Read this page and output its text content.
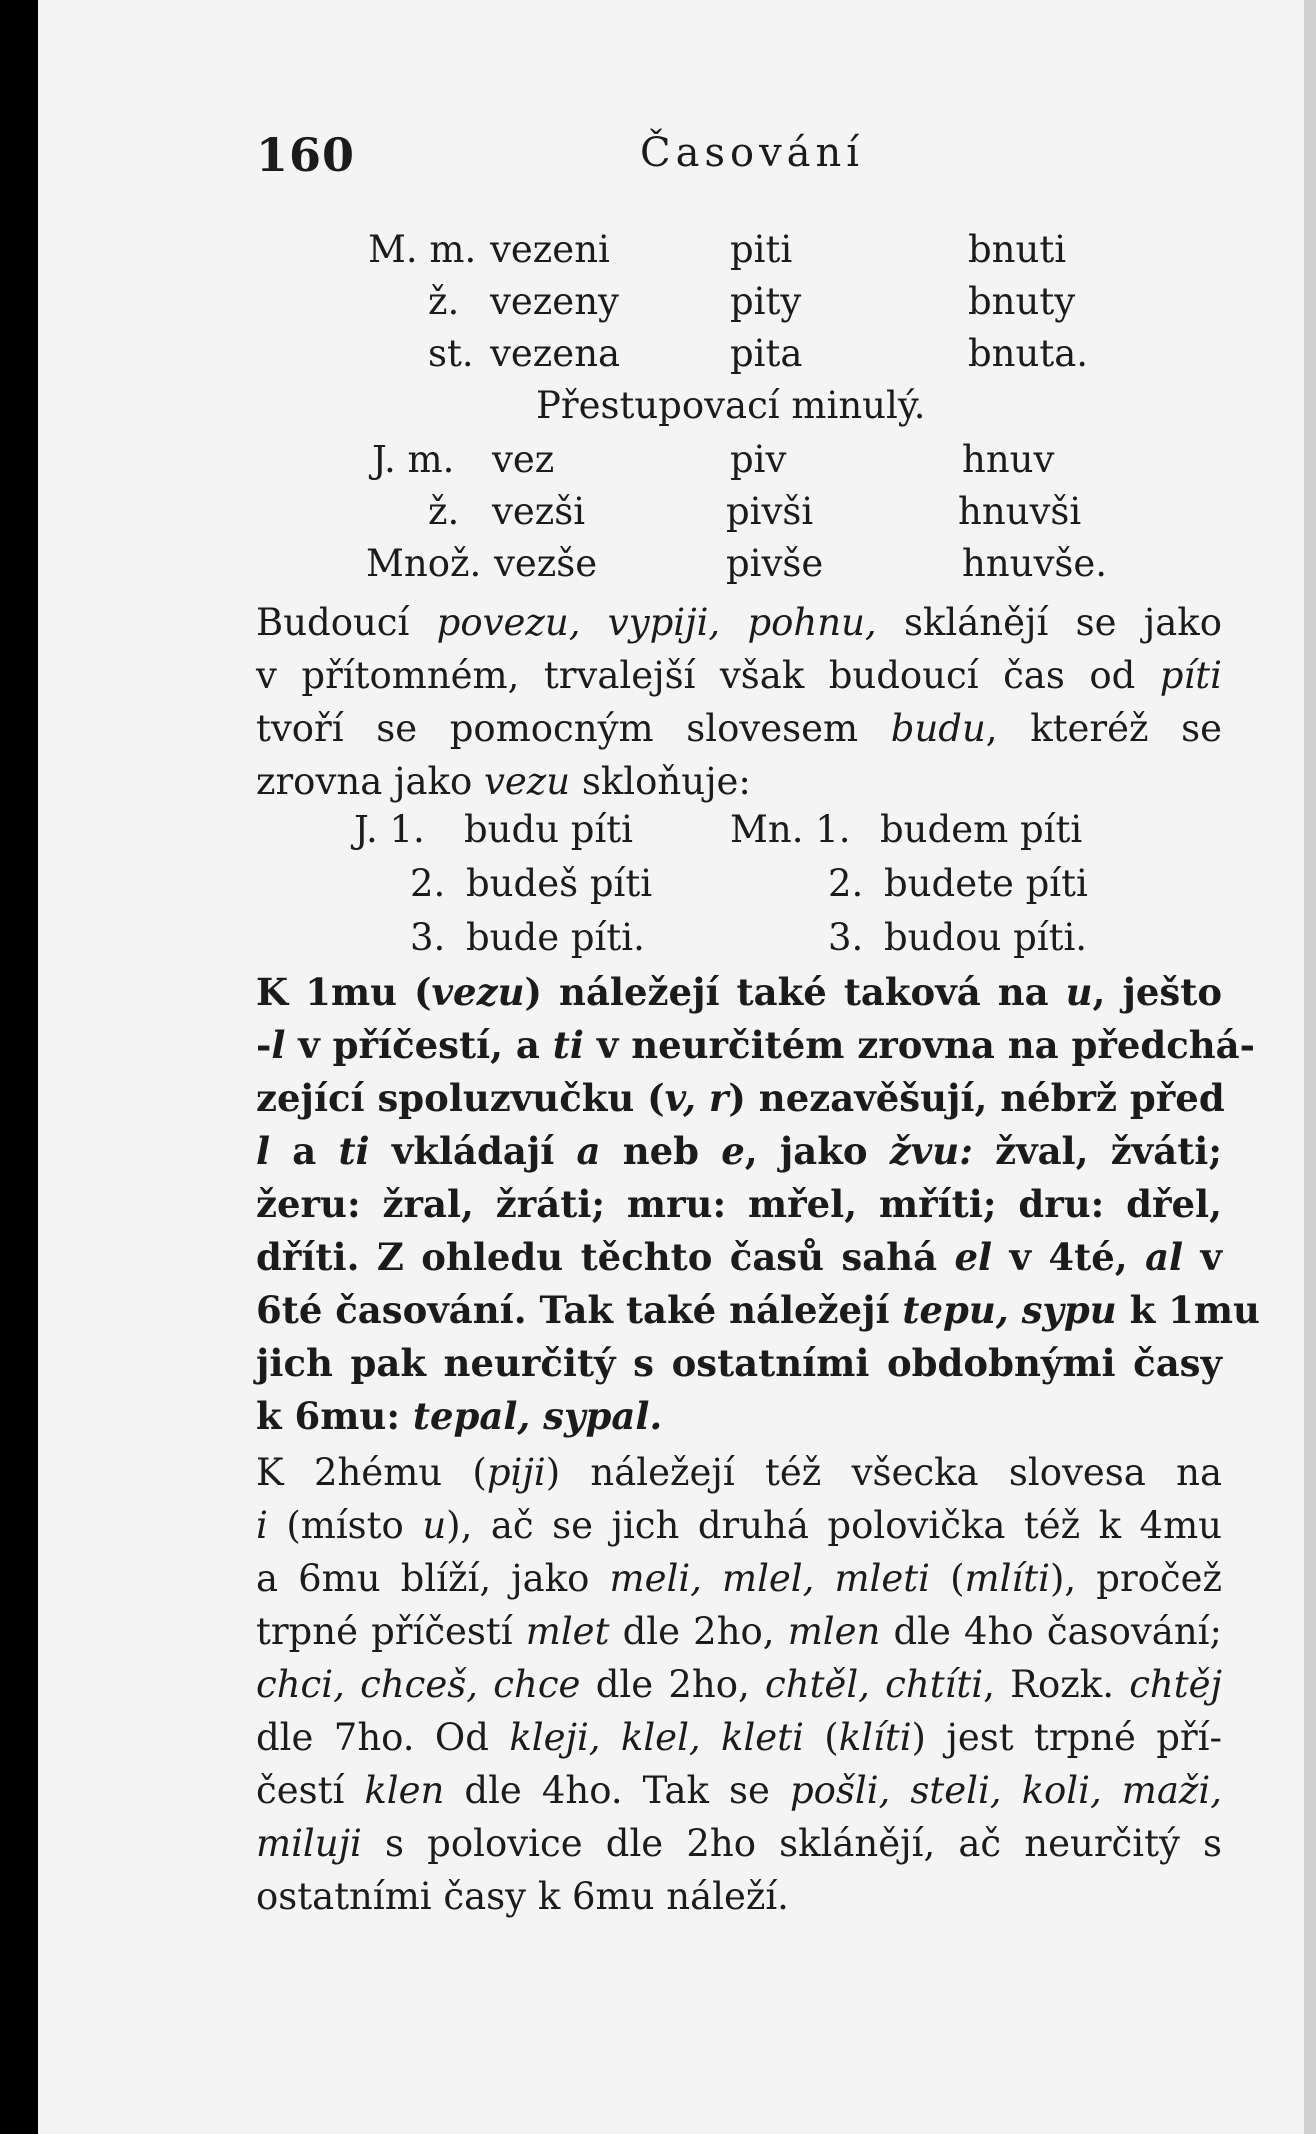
160	Časování
M. m. vezeni	piti	bnuti
ž. vezeny	pity	bnuty
st. vezena	pita	bnuta.
Přestupovací minulý.
J. m. vez	piv	hnuv
ž. vezši	pivši	hnuvši
Množ. vezše	pivše	hnuvše.
Budoucí povezu, vypiji, pohnu, sklánějí se jako
v přítomném, trvalejší však budoucí čas od píti
tvoří se pomocným slovesem budu, kteréž se
zrovna jako vezu skloňuje:
J. 1. budu píti	Mn. 1. budem píti
2. budeš píti	2. budete píti
3. bude píti.	3. budou píti.
K 1mu (vezu) náležejí také taková na u, ješto
-l v příčestí, a ti v neurčitém zrovna na předchá-
zející spoluzvučku (v, r) nezavěšují, nébrž před
l a ti vkládají a neb e, jako žvu: žval, žváti;
žeru: žral, žráti; mru: mřel, mříti; dru: dřel,
dříti. Z ohledu těchto časů sahá el v 4té, al v
6té časování. Tak také náležejí tepu, sypu k 1mu
jich pak neurčitý s ostatními obdobnými časy
k 6mu: tepal, sypal.
K 2hému (piji) náležejí též všecka slovesa na
i (místo u), ač se jich druhá polovička též k 4mu
a 6mu blíží, jako meli, mlel, mleti (mlíti), pročež
trpné příčestí mlet dle 2ho, mlen dle 4ho časování;
chci, chceš, chce dle 2ho, chtěl, chtíti, Rozk. chtěj
dle 7ho. Od kleji, klel, kleti (klíti) jest trpné pří-
čestí klen dle 4ho. Tak se pošli, steli, koli, maži,
miluji s polovice dle 2ho sklánějí, ač neurčitý s
ostatními časy k 6mu náleží.
